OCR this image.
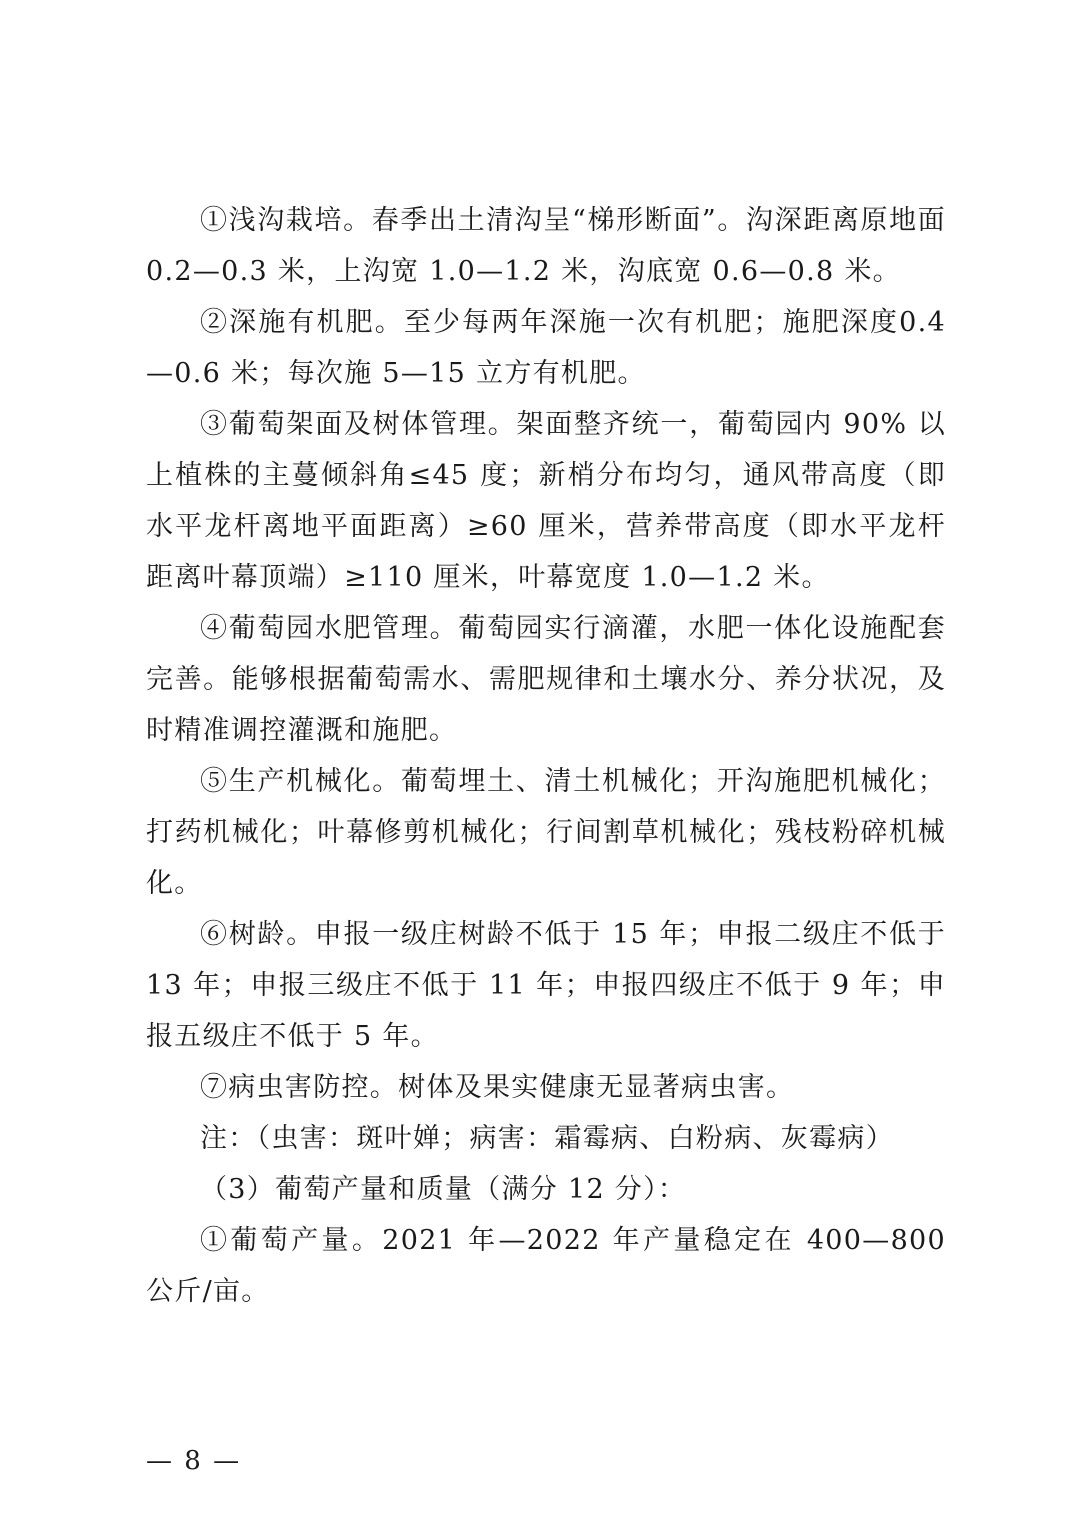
①浅沟栽培。春季出土清沟呈“梯形断面”。沟深距离原地面0.2—0.3 米，上沟宽 1.0—1.2 米，沟底宽 0.6—0.8 米。

②深施有机肥。至少每两年深施一次有机肥；施肥深度0.4—0.6 米；每次施 5—15 立方有机肥。

③葡萄架面及树体管理。架面整齐统一，葡萄园内 90% 以上植株的主蔓倾斜角≤45 度；新梢分布均匀，通风带高度（即水平龙杆离地平面距离）≥60 厘米，营养带高度（即水平龙杆距离叶幕顶端）≥110 厘米，叶幕宽度 1.0—1.2 米。

④葡萄园水肥管理。葡萄园实行滴灌，水肥一体化设施配套完善。能够根据葡萄需水、需肥规律和土壤水分、养分状况，及时精准调控灌溉和施肥。

⑤生产机械化。葡萄埋土、清土机械化；开沟施肥机械化；打药机械化；叶幕修剪机械化；行间割草机械化；残枝粉碎机械化。

⑥树龄。申报一级庄树龄不低于 15 年；申报二级庄不低于13 年；申报三级庄不低于 11 年；申报四级庄不低于 9 年；申报五级庄不低于 5 年。

⑦病虫害防控。树体及果实健康无显著病虫害。

注：（虫害：斑叶婵；病害：霜霉病、白粉病、灰霉病）

（3）葡萄产量和质量（满分 12 分）：

①葡萄产量。2021 年—2022 年产量稳定在 400—800 公斤/亩。

— 8 —
